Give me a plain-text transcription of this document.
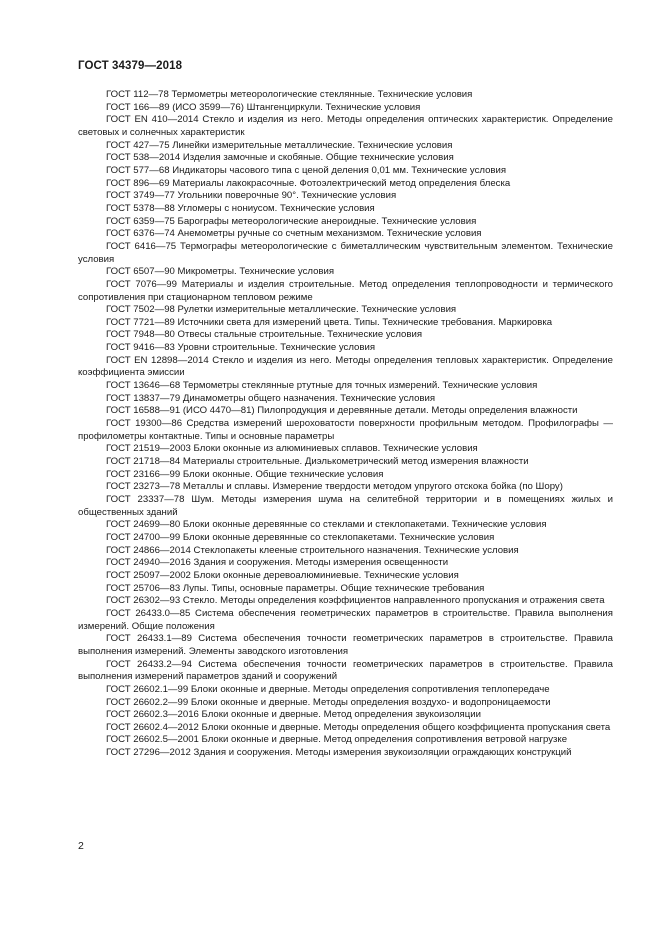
ГОСТ 34379—2018
ГОСТ 112—78 Термометры метеорологические стеклянные. Технические условия
ГОСТ 166—89 (ИСО 3599—76) Штангенциркули. Технические условия
ГОСТ EN 410—2014 Стекло и изделия из него. Методы определения оптических характеристик. Определение световых и солнечных характеристик
ГОСТ 427—75 Линейки измерительные металлические. Технические условия
ГОСТ 538—2014 Изделия замочные и скобяные. Общие технические условия
ГОСТ 577—68 Индикаторы часового типа с ценой деления 0,01 мм. Технические условия
ГОСТ 896—69 Материалы лакокрасочные. Фотоэлектрический метод определения блеска
ГОСТ 3749—77 Угольники поверочные 90°. Технические условия
ГОСТ 5378—88 Угломеры с нониусом. Технические условия
ГОСТ 6359—75 Барографы метеорологические анероидные. Технические условия
ГОСТ 6376—74 Анемометры ручные со счетным механизмом. Технические условия
ГОСТ 6416—75 Термографы метеорологические с биметаллическим чувствительным элементом. Технические условия
ГОСТ 6507—90 Микрометры. Технические условия
ГОСТ 7076—99 Материалы и изделия строительные. Метод определения теплопроводности и термического сопротивления при стационарном тепловом режиме
ГОСТ 7502—98 Рулетки измерительные металлические. Технические условия
ГОСТ 7721—89 Источники света для измерений цвета. Типы. Технические требования. Маркировка
ГОСТ 7948—80 Отвесы стальные строительные. Технические условия
ГОСТ 9416—83 Уровни строительные. Технические условия
ГОСТ EN 12898—2014 Стекло и изделия из него. Методы определения тепловых характеристик. Определение коэффициента эмиссии
ГОСТ 13646—68 Термометры стеклянные ртутные для точных измерений. Технические условия
ГОСТ 13837—79 Динамометры общего назначения. Технические условия
ГОСТ 16588—91 (ИСО 4470—81) Пилопродукция и деревянные детали. Методы определения влажности
ГОСТ 19300—86 Средства измерений шероховатости поверхности профильным методом. Профилографы — профилометры контактные. Типы и основные параметры
ГОСТ 21519—2003 Блоки оконные из алюминиевых сплавов. Технические условия
ГОСТ 21718—84 Материалы строительные. Диэлькометрический метод измерения влажности
ГОСТ 23166—99 Блоки оконные. Общие технические условия
ГОСТ 23273—78 Металлы и сплавы. Измерение твердости методом упругого отскока бойка (по Шору)
ГОСТ 23337—78 Шум. Методы измерения шума на селитебной территории и в помещениях жилых и общественных зданий
ГОСТ 24699—80 Блоки оконные деревянные со стеклами и стеклопакетами. Технические условия
ГОСТ 24700—99 Блоки оконные деревянные со стеклопакетами. Технические условия
ГОСТ 24866—2014 Стеклопакеты клееные строительного назначения. Технические условия
ГОСТ 24940—2016 Здания и сооружения. Методы измерения освещенности
ГОСТ 25097—2002 Блоки оконные деревоалюминиевые. Технические условия
ГОСТ 25706—83 Лупы. Типы, основные параметры. Общие технические требования
ГОСТ 26302—93 Стекло. Методы определения коэффициентов направленного пропускания и отражения света
ГОСТ 26433.0—85 Система обеспечения геометрических параметров в строительстве. Правила выполнения измерений. Общие положения
ГОСТ 26433.1—89 Система обеспечения точности геометрических параметров в строительстве. Правила выполнения измерений. Элементы заводского изготовления
ГОСТ 26433.2—94 Система обеспечения точности геометрических параметров в строительстве. Правила выполнения измерений параметров зданий и сооружений
ГОСТ 26602.1—99 Блоки оконные и дверные. Методы определения сопротивления теплопередаче
ГОСТ 26602.2—99 Блоки оконные и дверные. Методы определения воздухо- и водопроницаемости
ГОСТ 26602.3—2016 Блоки оконные и дверные. Метод определения звукоизоляции
ГОСТ 26602.4—2012 Блоки оконные и дверные. Методы определения общего коэффициента пропускания света
ГОСТ 26602.5—2001 Блоки оконные и дверные. Метод определения сопротивления ветровой нагрузке
ГОСТ 27296—2012 Здания и сооружения. Методы измерения звукоизоляции ограждающих конструкций
2
